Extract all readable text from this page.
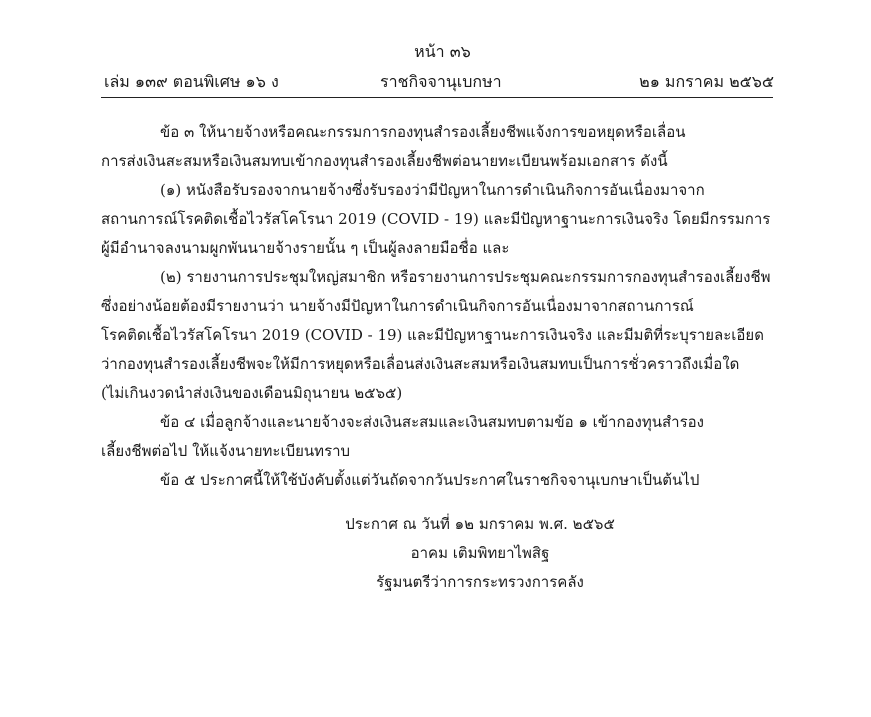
หน้า ๓๖
เล่ม ๑๓๙ ตอนพิเศษ ๑๖ ง	ราชกิจจานุเบกษา	๒๑ มกราคม ๒๕๖๕
ข้อ ๓ ให้นายจ้างหรือคณะกรรมการกองทุนสำรองเลี้ยงชีพแจ้งการขอหยุดหรือเลื่อน
การส่งเงินสะสมหรือเงินสมทบเข้ากองทุนสำรองเลี้ยงชีพต่อนายทะเบียนพร้อมเอกสาร ดังนี้
(๑) หนังสือรับรองจากนายจ้างซึ่งรับรองว่ามีปัญหาในการดำเนินกิจการอันเนื่องมาจาก
สถานการณ์โรคติดเชื้อไวรัสโคโรนา 2019 (COVID - 19) และมีปัญหาฐานะการเงินจริง โดยมีกรรมการ
ผู้มีอำนาจลงนามผูกพันนายจ้างรายนั้น ๆ เป็นผู้ลงลายมือชื่อ และ
(๒) รายงานการประชุมใหญ่สมาชิก หรือรายงานการประชุมคณะกรรมการกองทุนสำรองเลี้ยงชีพ
ซึ่งอย่างน้อยต้องมีรายงานว่า นายจ้างมีปัญหาในการดำเนินกิจการอันเนื่องมาจากสถานการณ์
โรคติดเชื้อไวรัสโคโรนา 2019 (COVID - 19) และมีปัญหาฐานะการเงินจริง และมีมติที่ระบุรายละเอียด
ว่ากองทุนสำรองเลี้ยงชีพจะให้มีการหยุดหรือเลื่อนส่งเงินสะสมหรือเงินสมทบเป็นการชั่วคราวถึงเมื่อใด
(ไม่เกินงวดนำส่งเงินของเดือนมิถุนายน ๒๕๖๕)
ข้อ ๔ เมื่อลูกจ้างและนายจ้างจะส่งเงินสะสมและเงินสมทบตามข้อ ๑ เข้ากองทุนสำรอง
เลี้ยงชีพต่อไป ให้แจ้งนายทะเบียนทราบ
ข้อ ๕ ประกาศนี้ให้ใช้บังคับตั้งแต่วันถัดจากวันประกาศในราชกิจจานุเบกษาเป็นต้นไป
ประกาศ ณ วันที่ ๑๒ มกราคม พ.ศ. ๒๕๖๕
อาคม เติมพิทยาไพสิฐ
รัฐมนตรีว่าการกระทรวงการคลัง
